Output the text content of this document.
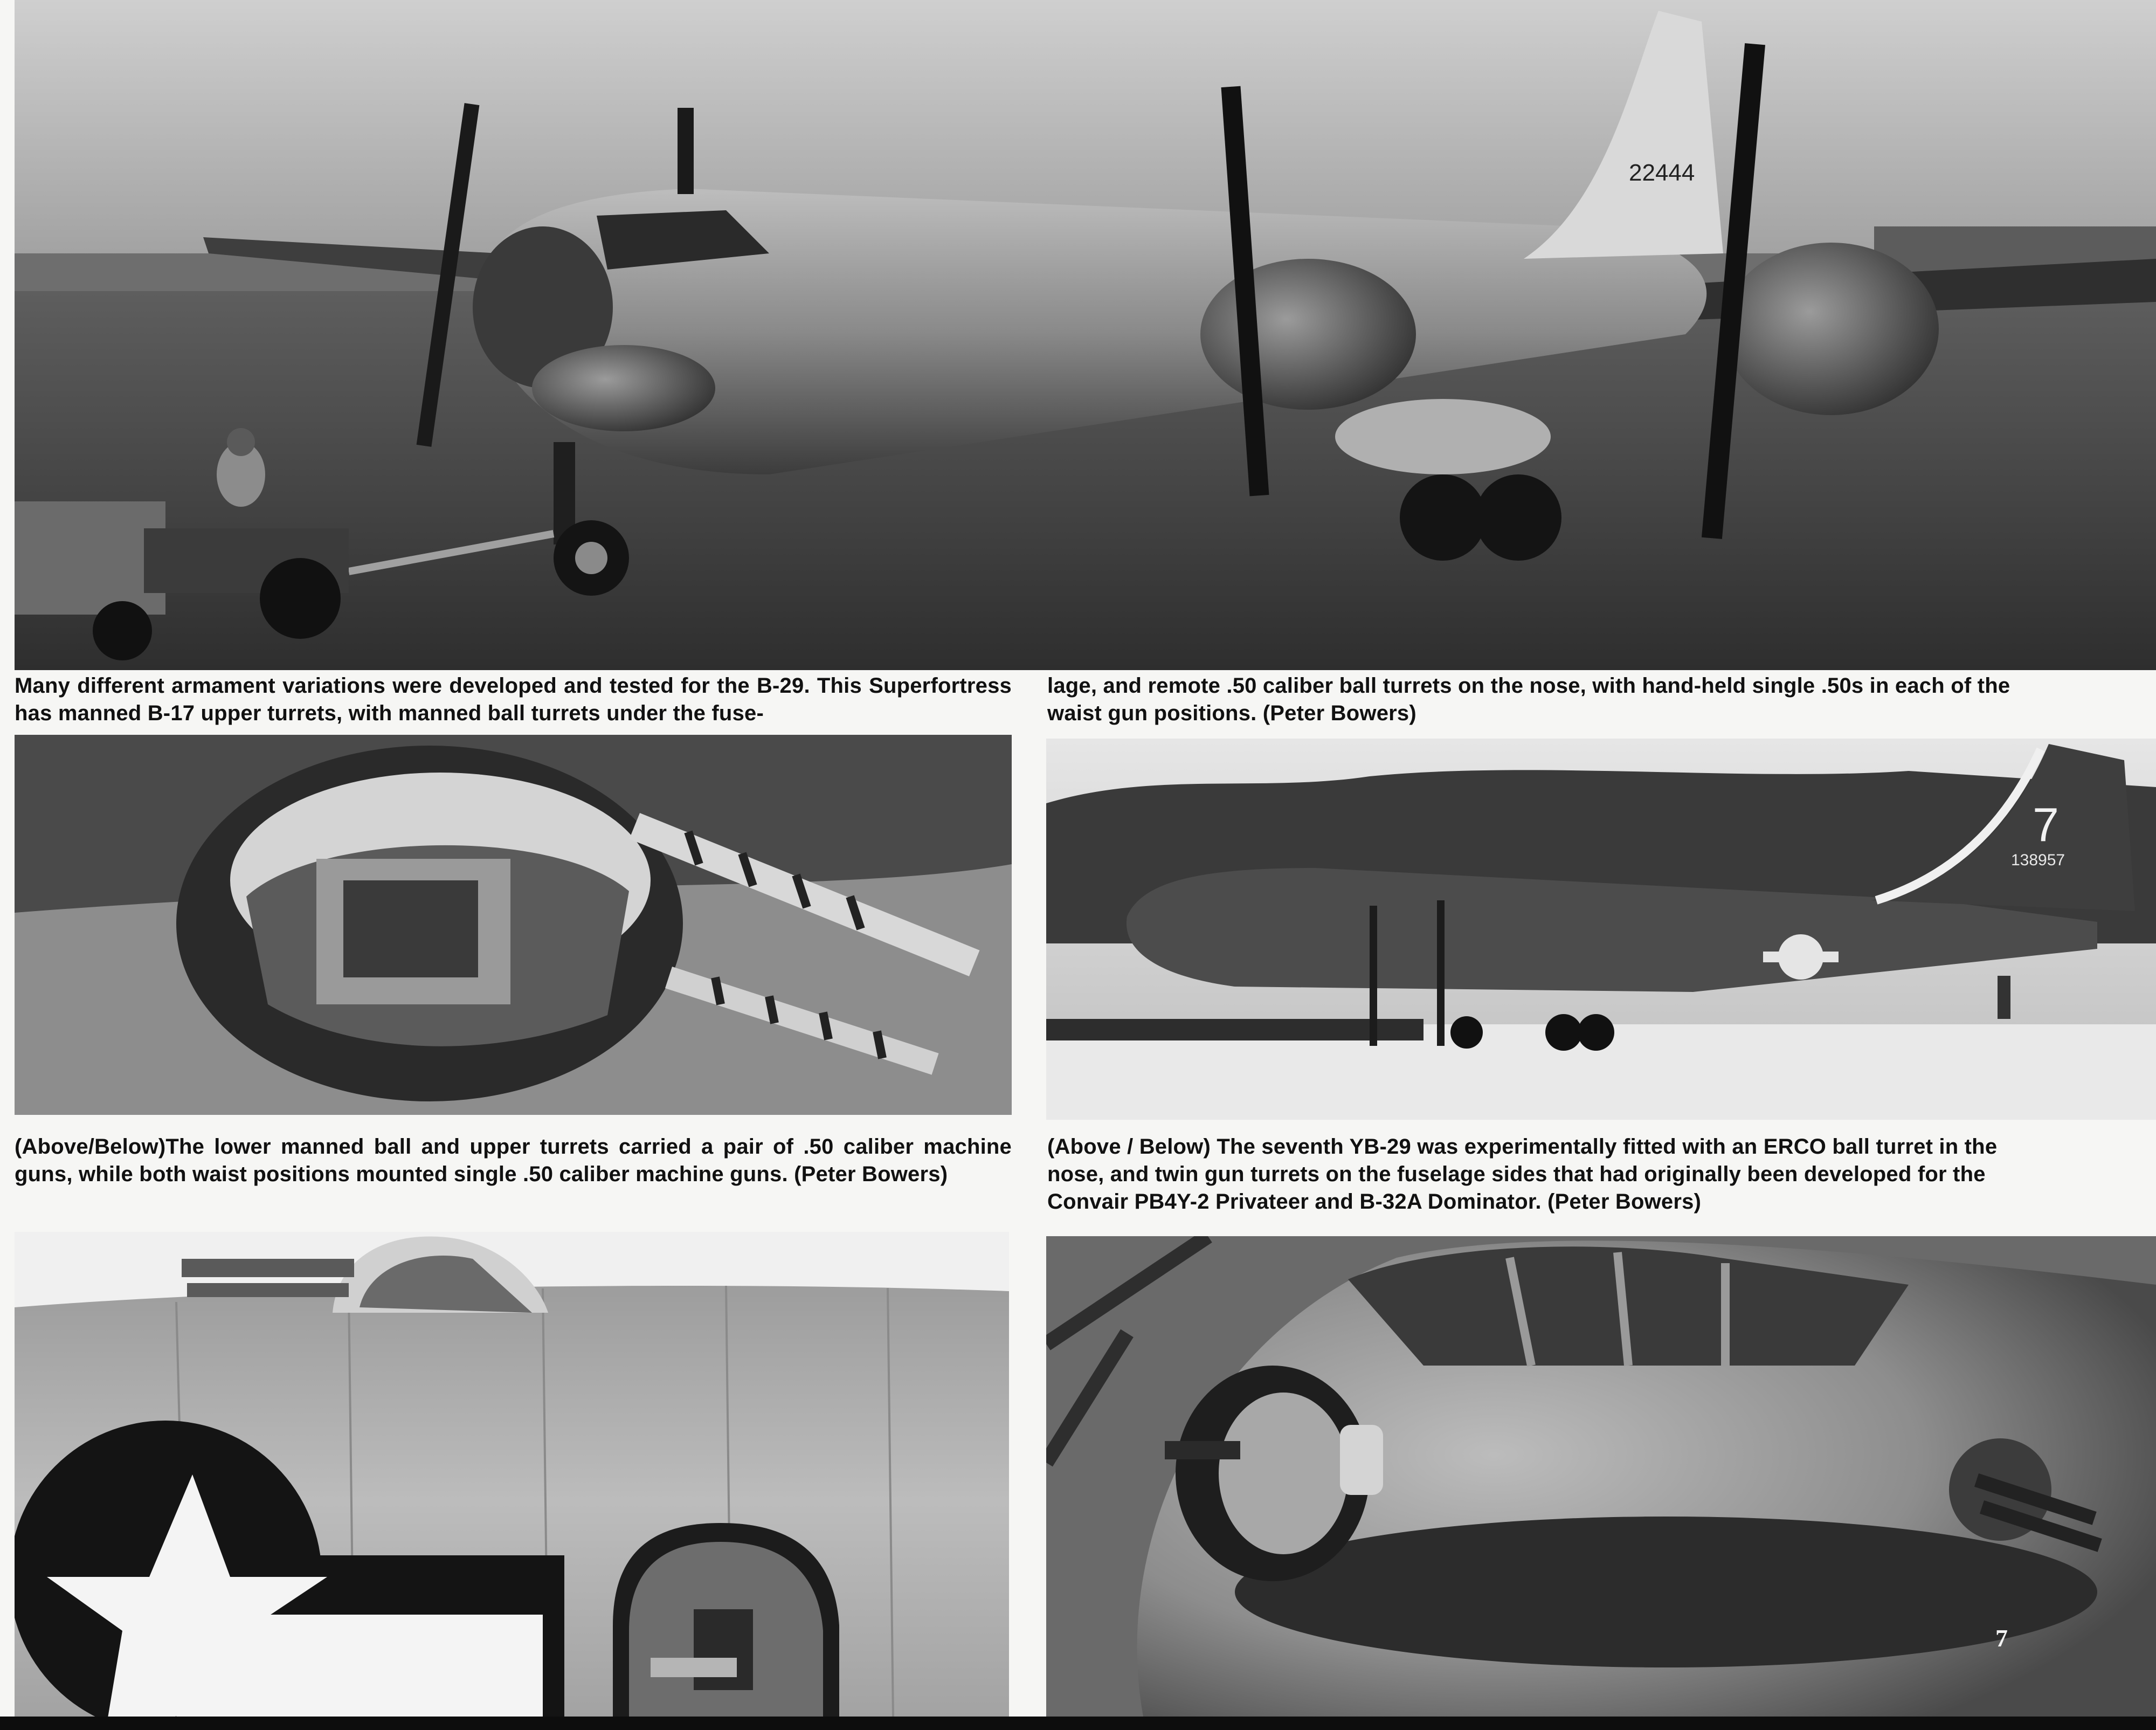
22444

Many different armament variations were developed and tested for the B-29. This Superfortress has manned B-17 upper turrets, with manned ball turrets under the fuse-

lage, and remote .50 caliber ball turrets on the nose, with hand-held single .50s in each of the waist gun positions. (Peter Bowers)

7
138957

(Above/Below)The lower manned ball and upper turrets carried a pair of .50 caliber machine guns, while both waist positions mounted single .50 caliber machine guns. (Peter Bowers)

(Above / Below) The seventh YB-29 was experimentally fitted with an ERCO ball turret in the nose, and twin gun turrets on the fuselage sides that had originally been developed for the Convair PB4Y-2 Privateer and B-32A Dominator. (Peter Bowers)

7
